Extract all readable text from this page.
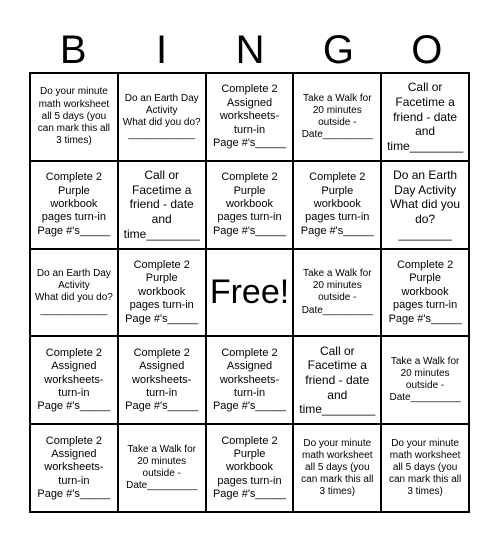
B	I	N	G	O
Do your minute math worksheet all 5 days (you can mark this all 3 times)
Do an Earth Day Activity
What did you do?
____________
Complete 2 Assigned worksheets-turn-in
Page #'s_____
Take a Walk for 20 minutes outside - Date_________
Call or Facetime a friend - date and time________
Complete 2 Purple workbook pages turn-in Page #'s_____
Call or Facetime a friend - date and time________
Complete 2 Purple workbook pages turn-in Page #'s_____
Complete 2 Purple workbook pages turn-in Page #'s_____
Do an Earth Day Activity
What did you do?
________
Do an Earth Day Activity
What did you do?
____________
Complete 2 Purple workbook pages turn-in Page #'s_____
Free!	Take a Walk for 20 minutes outside - Date_________
Complete 2 Purple workbook pages turn-in Page #'s_____
Complete 2 Assigned worksheets-turn-in
Page #'s_____
Complete 2 Assigned worksheets-turn-in
Page #'s_____
Complete 2 Assigned worksheets-turn-in
Page #'s_____
Call or Facetime a friend - date and time________
Take a Walk for 20 minutes outside - Date_________
Complete 2 Assigned worksheets-turn-in
Page #'s_____
Take a Walk for 20 minutes outside - Date_________
Complete 2 Purple workbook pages turn-in Page #'s_____
Do your minute math worksheet all 5 days (you can mark this all 3 times)
Do your minute math worksheet all 5 days (you can mark this all 3 times)
